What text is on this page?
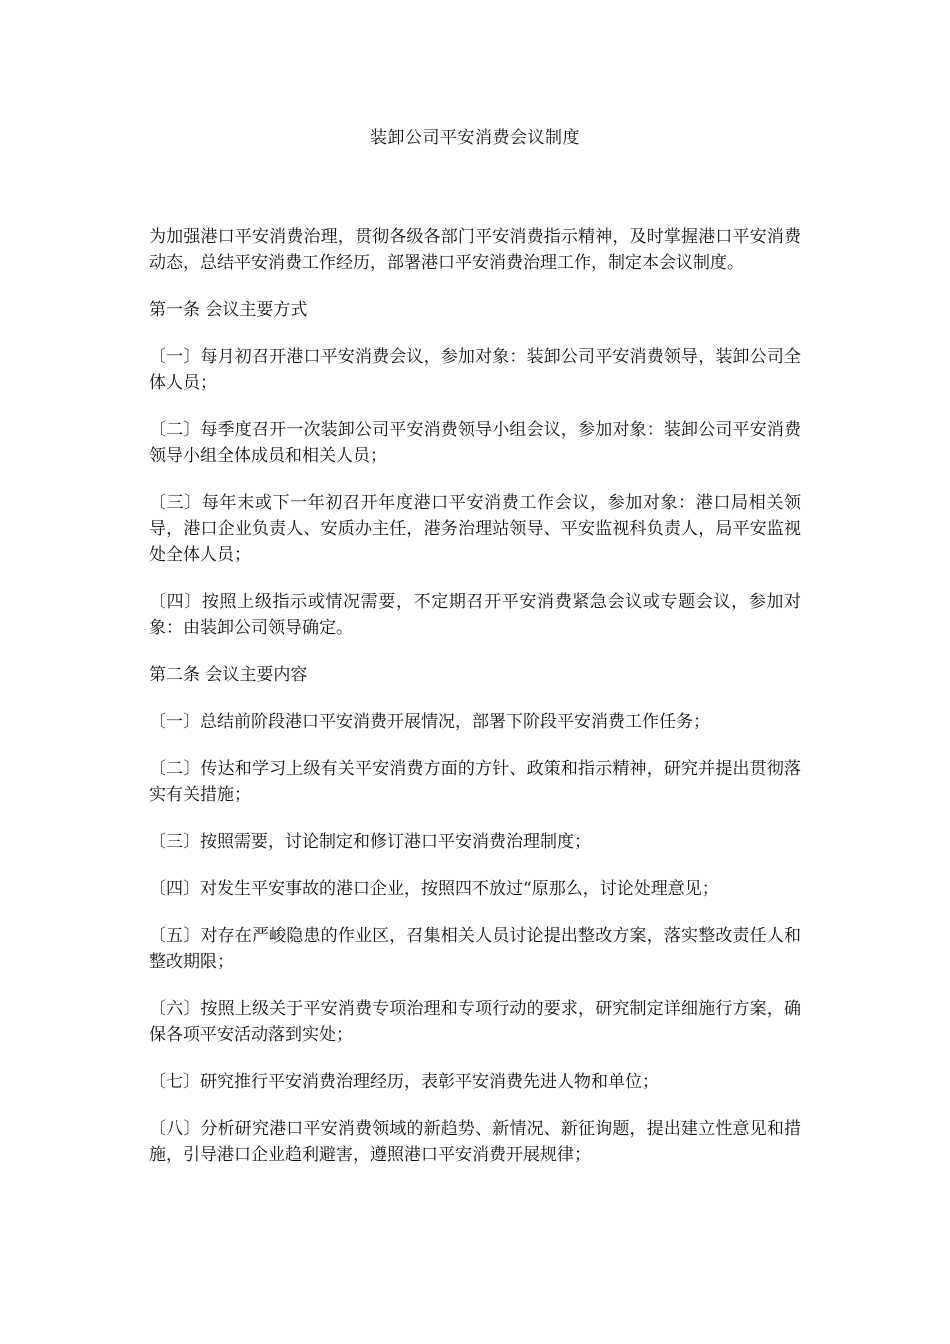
装卸公司平安消费会议制度

为加强港口平安消费治理，贯彻各级各部门平安消费指示精神，及时掌握港口平安消费动态，总结平安消费工作经历，部署港口平安消费治理工作，制定本会议制度。

第一条 会议主要方式

〔一〕每月初召开港口平安消费会议，参加对象：装卸公司平安消费领导，装卸公司全体人员；

〔二〕每季度召开一次装卸公司平安消费领导小组会议，参加对象：装卸公司平安消费领导小组全体成员和相关人员；

〔三〕每年末或下一年初召开年度港口平安消费工作会议，参加对象：港口局相关领导，港口企业负责人、安质办主任，港务治理站领导、平安监视科负责人，局平安监视处全体人员；

〔四〕按照上级指示或情况需要，不定期召开平安消费紧急会议或专题会议，参加对象：由装卸公司领导确定。

第二条 会议主要内容

〔一〕总结前阶段港口平安消费开展情况，部署下阶段平安消费工作任务；

〔二〕传达和学习上级有关平安消费方面的方针、政策和指示精神，研究并提出贯彻落实有关措施；

〔三〕按照需要，讨论制定和修订港口平安消费治理制度；

〔四〕对发生平安事故的港口企业，按照四不放过“原那么，讨论处理意见；

〔五〕对存在严峻隐患的作业区，召集相关人员讨论提出整改方案，落实整改责任人和整改期限；

〔六〕按照上级关于平安消费专项治理和专项行动的要求，研究制定详细施行方案，确保各项平安活动落到实处；

〔七〕研究推行平安消费治理经历，表彰平安消费先进人物和单位；

〔八〕分析研究港口平安消费领域的新趋势、新情况、新征询题，提出建立性意见和措施，引导港口企业趋利避害，遵照港口平安消费开展规律；
